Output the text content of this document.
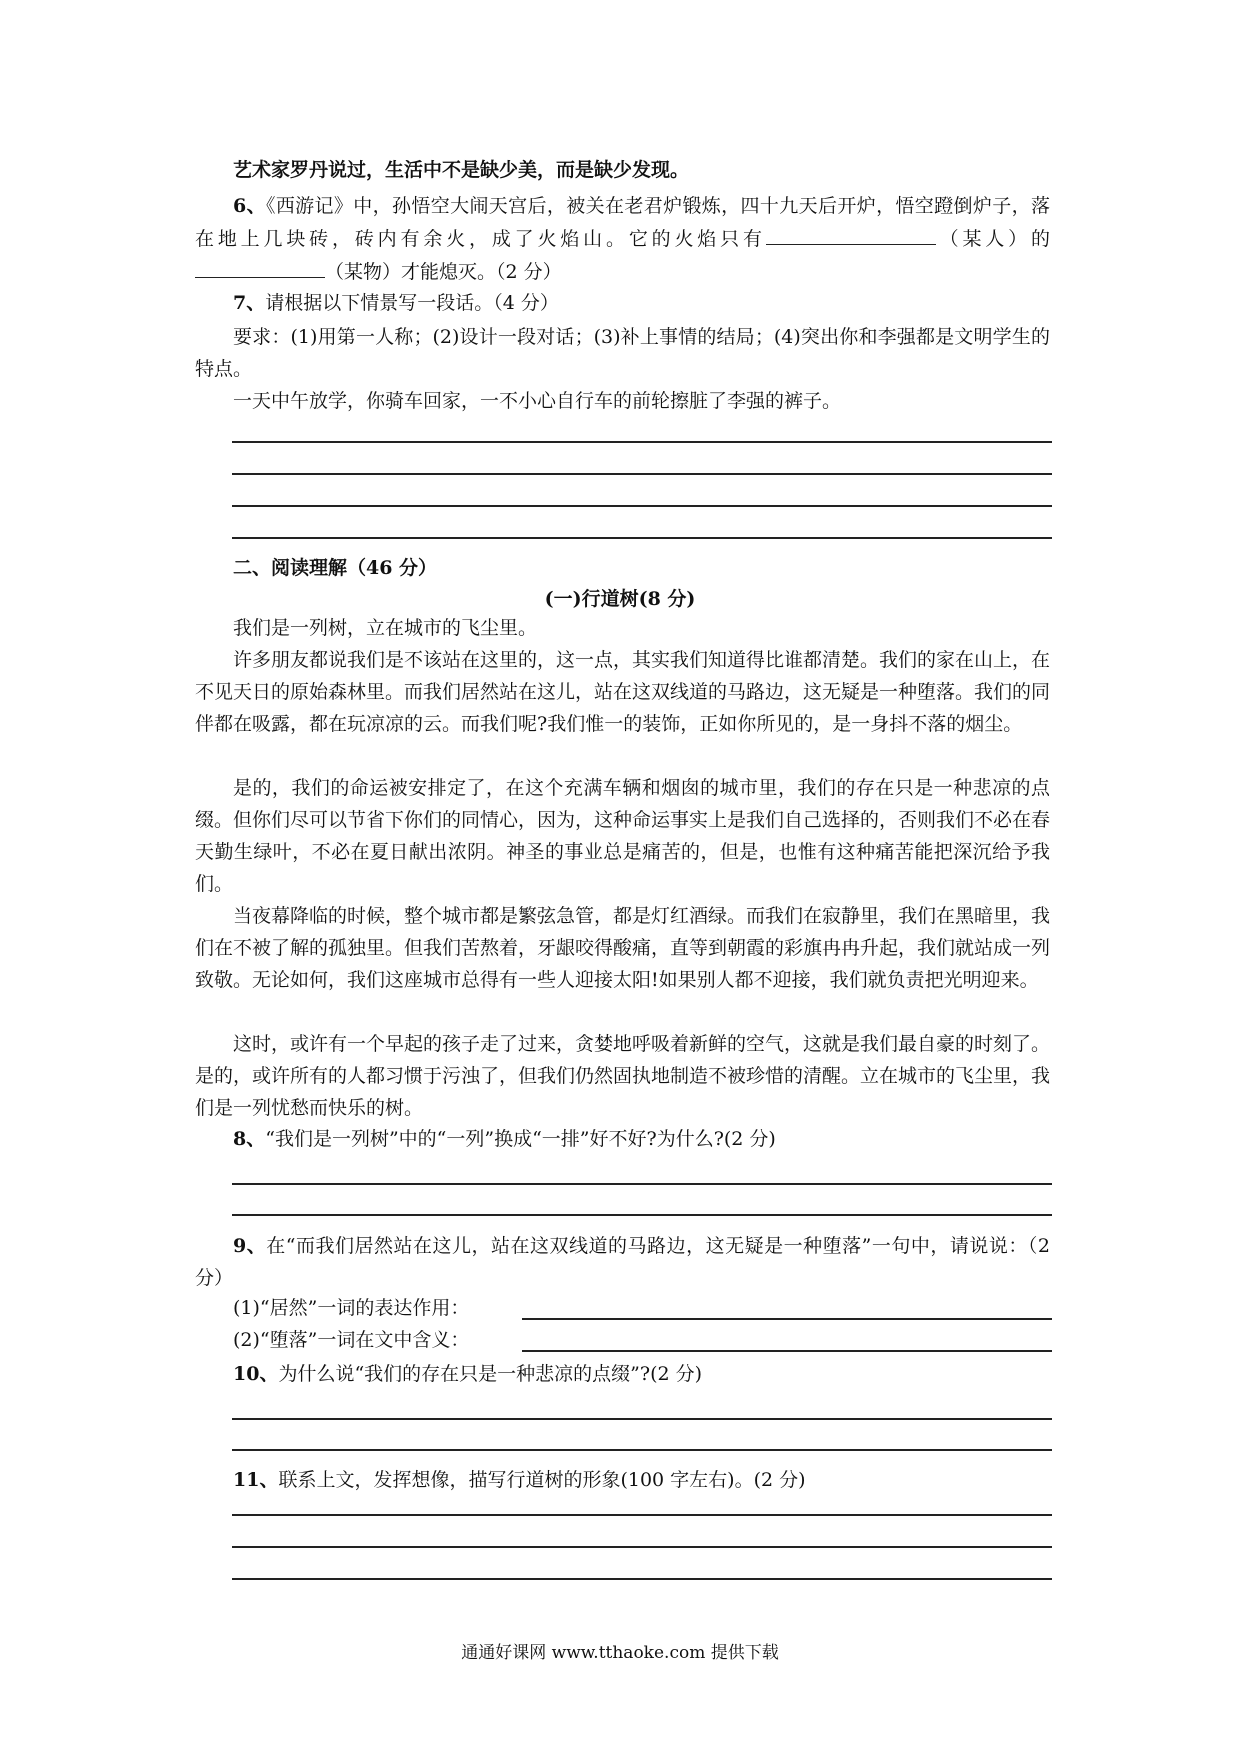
艺术家罗丹说过，生活中不是缺少美，而是缺少发现。

6、《西游记》中，孙悟空大闹天宫后，被关在老君炉锻炼，四十九天后开炉，悟空蹬倒炉子，落在地上几块砖，砖内有余火，成了火焰山。它的火焰只有	（某人）的（某物）才能熄灭。（2 分）

7、请根据以下情景写一段话。（4 分）

要求：(1)用第一人称；(2)设计一段对话；(3)补上事情的结局；(4)突出你和李强都是文明学生的特点。

一天中午放学，你骑车回家，一不小心自行车的前轮擦脏了李强的裤子。
二、阅读理解（46 分）
(一)行道树(8 分)

我们是一列树，立在城市的飞尘里。

许多朋友都说我们是不该站在这里的，这一点，其实我们知道得比谁都清楚。我们的家在山上，在不见天日的原始森林里。而我们居然站在这儿，站在这双线道的马路边，这无疑是一种堕落。我们的同伴都在吸露，都在玩凉凉的云。而我们呢?我们惟一的装饰，正如你所见的，是一身抖不落的烟尘。

是的，我们的命运被安排定了，在这个充满车辆和烟囱的城市里，我们的存在只是一种悲凉的点缀。但你们尽可以节省下你们的同情心，因为，这种命运事实上是我们自己选择的，否则我们不必在春天勤生绿叶，不必在夏日献出浓阴。神圣的事业总是痛苦的，但是，也惟有这种痛苦能把深沉给予我们。

当夜幕降临的时候，整个城市都是繁弦急管，都是灯红酒绿。而我们在寂静里，我们在黑暗里，我们在不被了解的孤独里。但我们苦熬着，牙龈咬得酸痛，直等到朝霞的彩旗冉冉升起，我们就站成一列致敬。无论如何，我们这座城市总得有一些人迎接太阳!如果别人都不迎接，我们就负责把光明迎来。

这时，或许有一个早起的孩子走了过来，贪婪地呼吸着新鲜的空气，这就是我们最自豪的时刻了。是的，或许所有的人都习惯于污浊了，但我们仍然固执地制造不被珍惜的清醒。立在城市的飞尘里，我们是一列忧愁而快乐的树。

8、“我们是一列树”中的“一列”换成“一排”好不好?为什么?(2 分)

9、在“而我们居然站在这儿，站在这双线道的马路边，这无疑是一种堕落”一句中，请说说：（2 分）

(1)“居然”一词的表达作用：
(2)“堕落”一词在文中含义：
10、为什么说“我们的存在只是一种悲凉的点缀”?(2 分)
11、联系上文，发挥想像，描写行道树的形象(100 字左右)。(2 分)
通通好课网 www.tthaoke.com 提供下载
